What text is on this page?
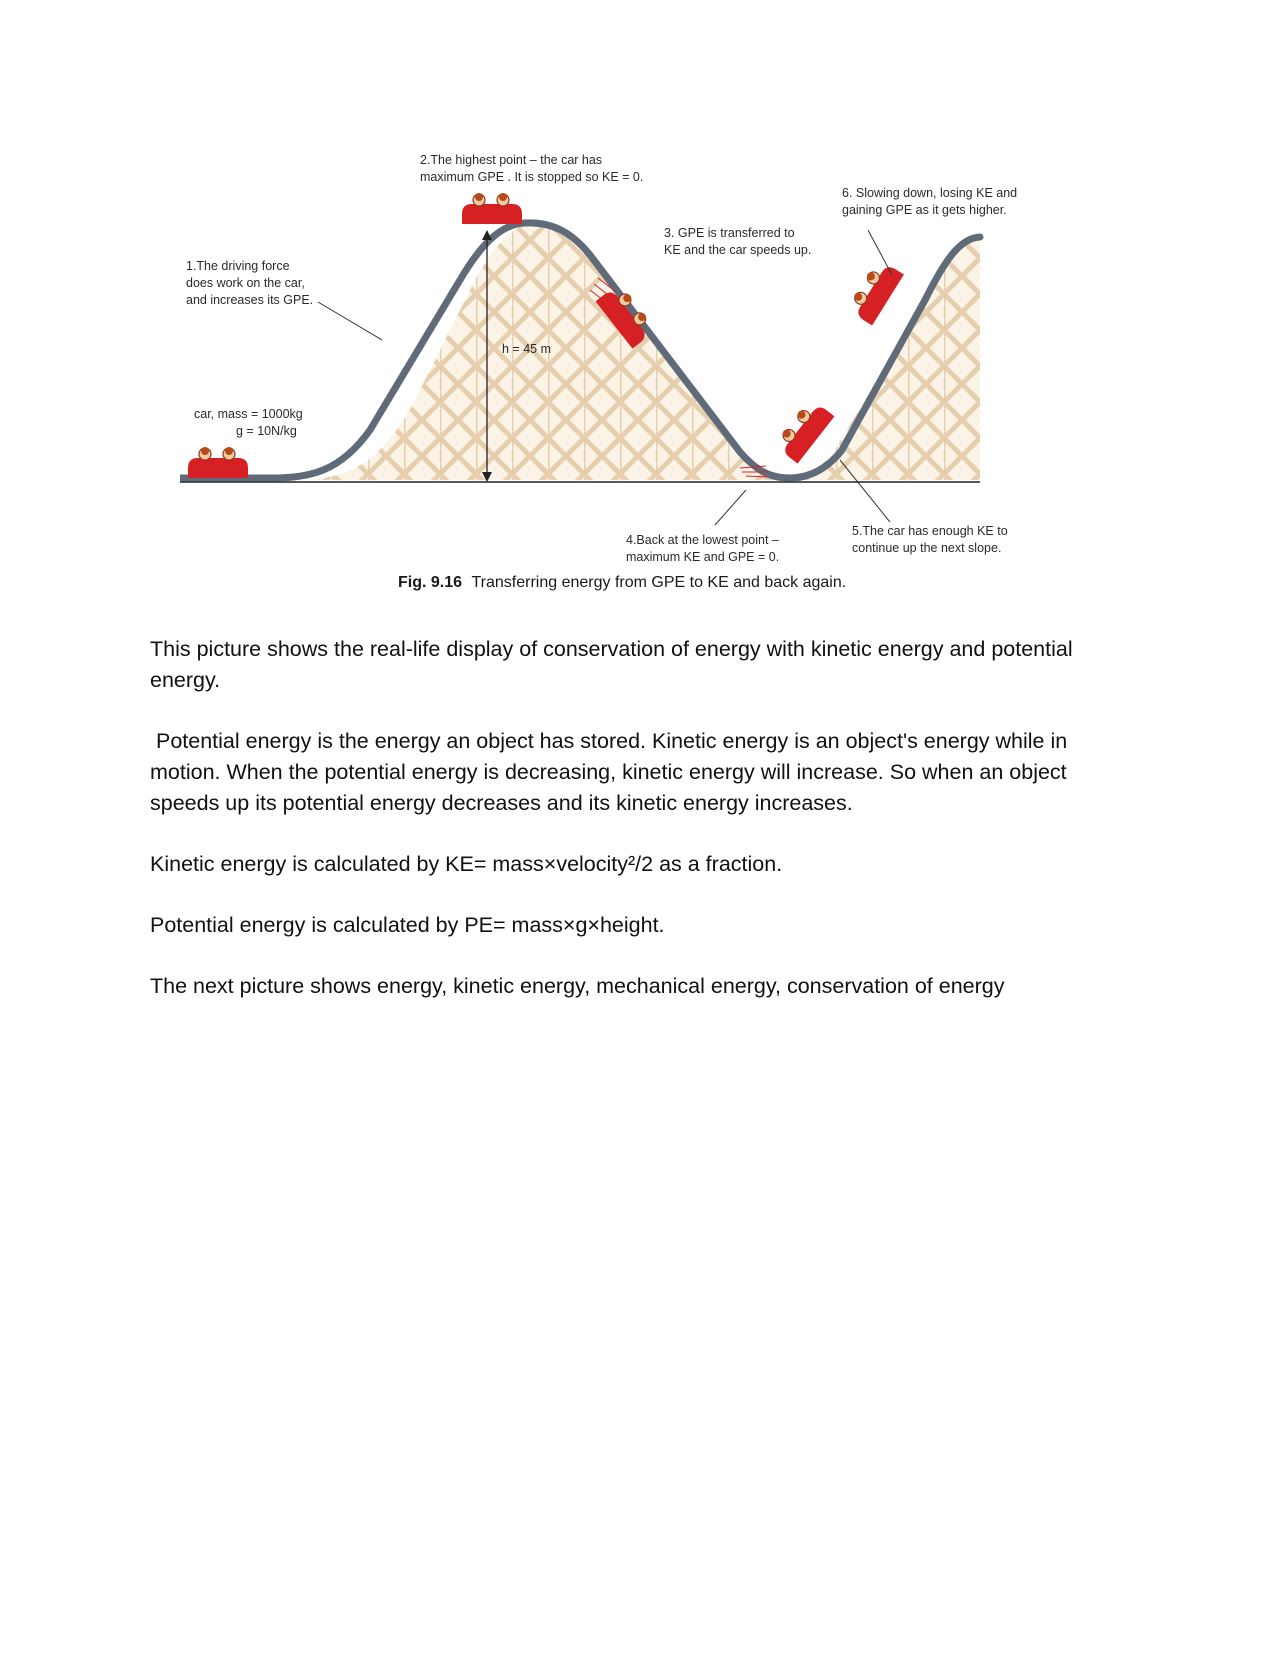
h = 45 m
1.The driving force
does work on the car,
and increases its GPE.
2.The highest point – the car has
maximum GPE . It is stopped so KE = 0.
3. GPE is transferred to
KE and the car speeds up.
6. Slowing down, losing KE and
gaining GPE as it gets higher.
car, mass = 1000kg
g = 10N/kg
4.Back at the lowest point –
maximum KE and GPE = 0.
5.The car has enough KE to
continue up the next slope.
Fig. 9.16 Transferring energy from GPE to KE and back again.

This picture shows the real-life display of conservation of energy with kinetic energy and potential energy.

Potential energy is the energy an object has stored. Kinetic energy is an object's energy while in motion. When the potential energy is decreasing, kinetic energy will increase. So when an object speeds up its potential energy decreases and its kinetic energy increases.

Kinetic energy is calculated by KE= mass×velocity²/2 as a fraction.

Potential energy is calculated by PE= mass×g×height.

The next picture shows energy, kinetic energy, mechanical energy, conservation of energy
